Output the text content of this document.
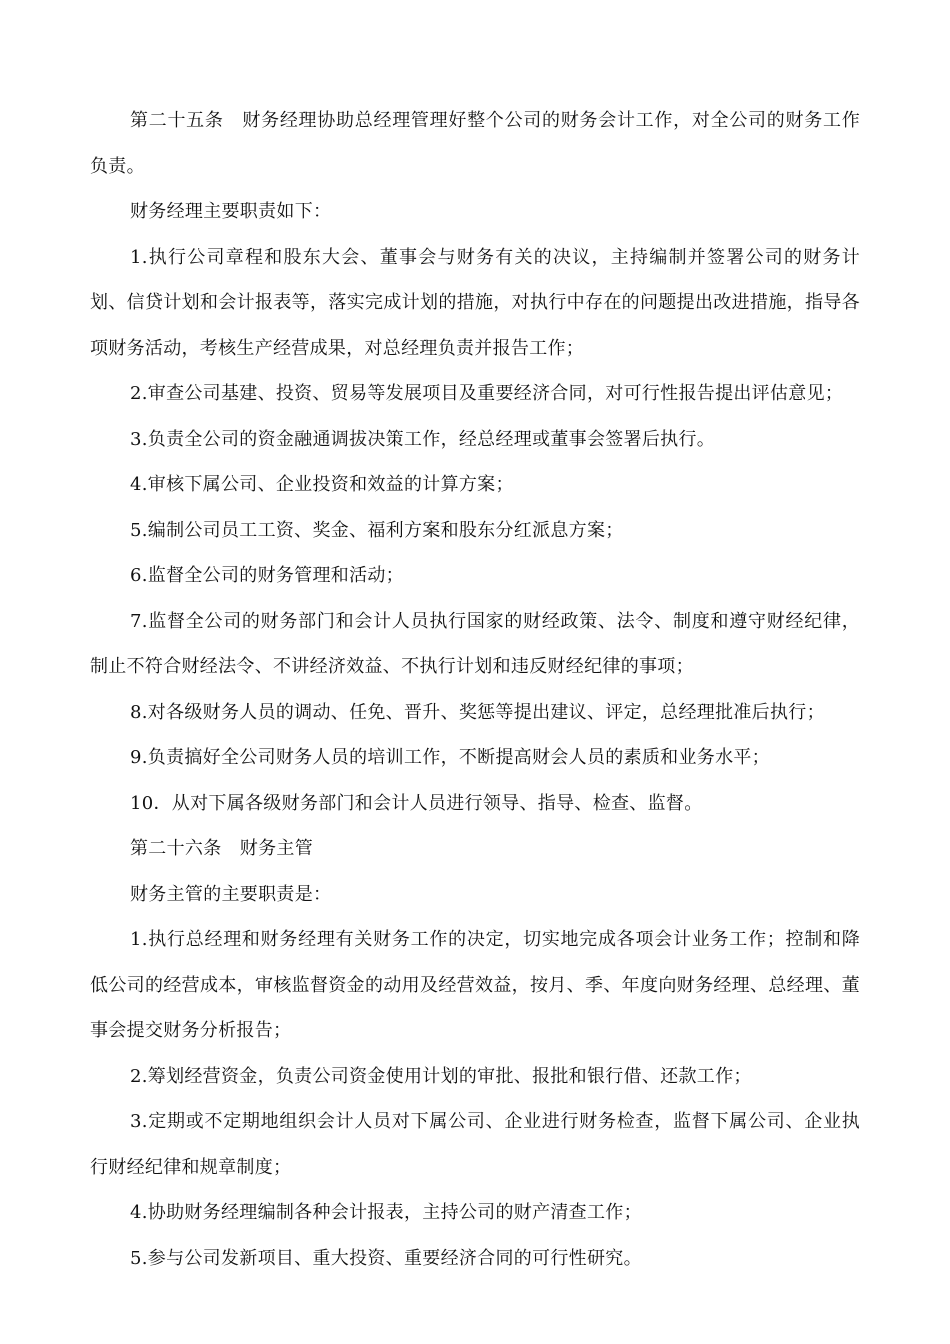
第二十五条　财务经理协助总经理管理好整个公司的财务会计工作，对全公司的财务工作负责。

财务经理主要职责如下：

1.执行公司章程和股东大会、董事会与财务有关的决议，主持编制并签署公司的财务计划、信贷计划和会计报表等，落实完成计划的措施，对执行中存在的问题提出改进措施，指导各项财务活动，考核生产经营成果，对总经理负责并报告工作；

2.审查公司基建、投资、贸易等发展项目及重要经济合同，对可行性报告提出评估意见；

3.负责全公司的资金融通调拔决策工作，经总经理或董事会签署后执行。

4.审核下属公司、企业投资和效益的计算方案；

5.编制公司员工工资、奖金、福利方案和股东分红派息方案；

6.监督全公司的财务管理和活动；

7.监督全公司的财务部门和会计人员执行国家的财经政策、法令、制度和遵守财经纪律，制止不符合财经法令、不讲经济效益、不执行计划和违反财经纪律的事项；

8.对各级财务人员的调动、任免、晋升、奖惩等提出建议、评定，总经理批准后执行；

9.负责搞好全公司财务人员的培训工作，不断提高财会人员的素质和业务水平；

10．从对下属各级财务部门和会计人员进行领导、指导、检查、监督。

第二十六条　财务主管

财务主管的主要职责是：

1.执行总经理和财务经理有关财务工作的决定，切实地完成各项会计业务工作；控制和降低公司的经营成本，审核监督资金的动用及经营效益，按月、季、年度向财务经理、总经理、董事会提交财务分析报告；

2.筹划经营资金，负责公司资金使用计划的审批、报批和银行借、还款工作；

3.定期或不定期地组织会计人员对下属公司、企业进行财务检查，监督下属公司、企业执行财经纪律和规章制度；

4.协助财务经理编制各种会计报表，主持公司的财产清查工作；

5.参与公司发新项目、重大投资、重要经济合同的可行性研究。
